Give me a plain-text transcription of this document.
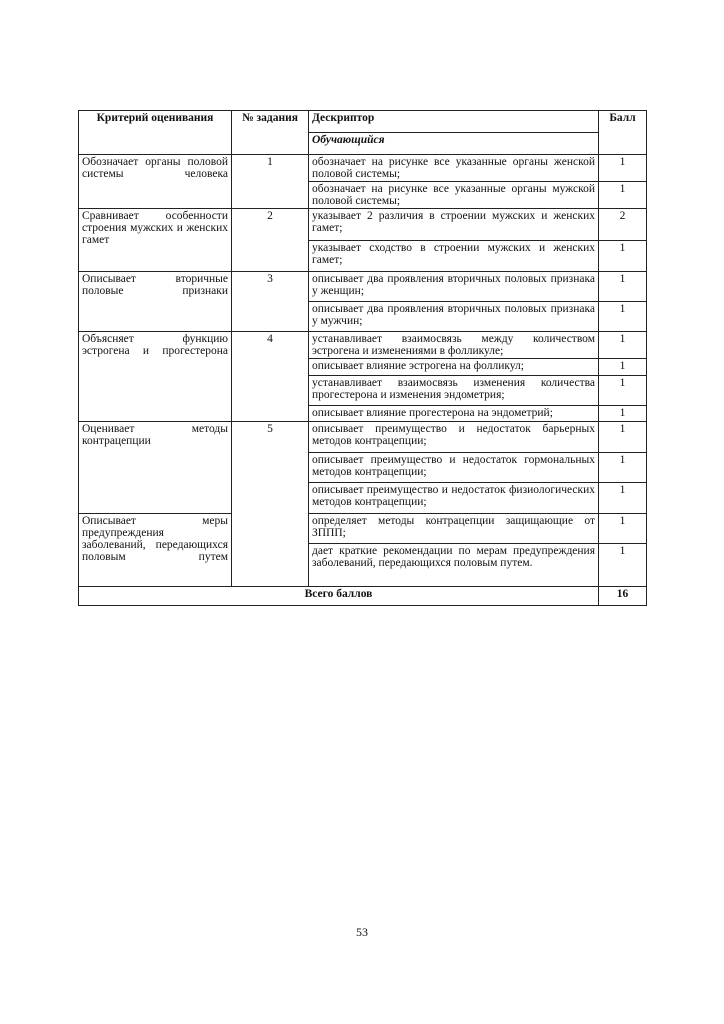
Критерий оценивания	№ задания	Дескриптор	Балл
		Обучающийся	
Обозначает органы половой системы человека	1	обозначает на рисунке все указанные органы женской половой системы;	1
		обозначает на рисунке все указанные органы мужской половой системы;	1
Сравнивает особенности строения мужских и женских гамет	2	указывает 2 различия в строении мужских и женских гамет;	2
		указывает сходство в строении мужских и женских гамет;	1
Описывает вторичные половые признаки	3	описывает два проявления вторичных половых признака у женщин;	1
		описывает два проявления вторичных половых признака у мужчин;	1
Объясняет функцию эстрогена и прогестерона	4	устанавливает взаимосвязь между количеством эстрогена и изменениями в фолликуле;	1
		описывает влияние эстрогена на фолликул;	1
		устанавливает взаимосвязь изменения количества прогестерона и изменения эндометрия;	1
		описывает влияние прогестерона на эндометрий;	1
Оценивает методы контрацепции	5	описывает преимущество и недостаток барьерных методов контрацепции;	1
		описывает преимущество и недостаток гормональных методов контрацепции;	1
		описывает преимущество и недостаток физиологических методов контрацепции;	1
Описывает меры предупреждения заболеваний, передающихся половым путем		определяет методы контрацепции защищающие от ЗППП;	1
		дает краткие рекомендации по мерам предупреждения заболеваний, передающихся половым путем.	1
Всего баллов			16
53
